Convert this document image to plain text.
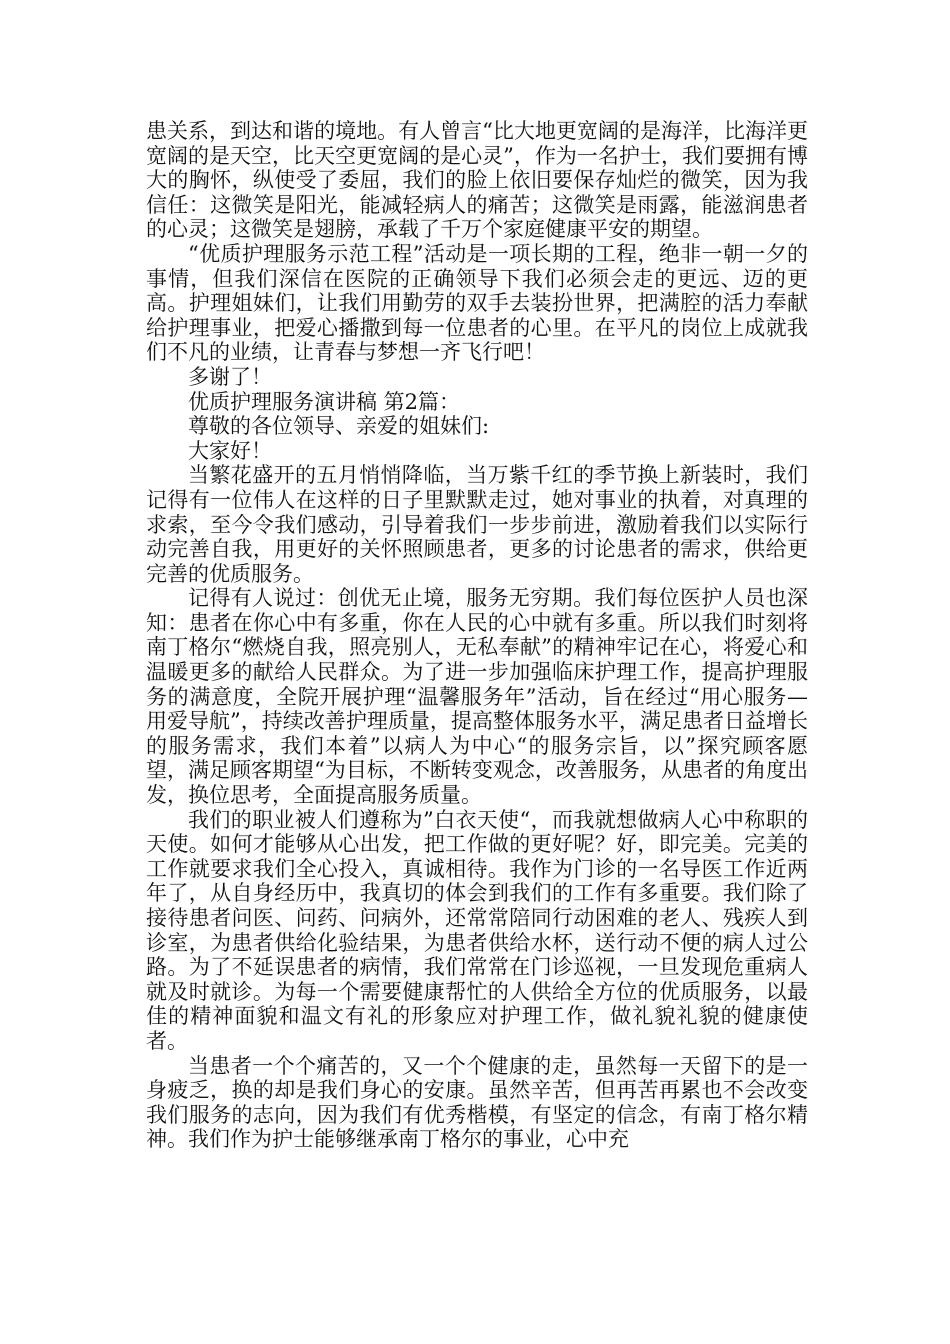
患关系，到达和谐的境地。有人曾言“比大地更宽阔的是海洋，比海洋更宽阔的是天空，比天空更宽阔的是心灵”，作为一名护士，我们要拥有博大的胸怀，纵使受了委屈，我们的脸上依旧要保存灿烂的微笑，因为我信任：这微笑是阳光，能减轻病人的痛苦；这微笑是雨露，能滋润患者的心灵；这微笑是翅膀，承载了千万个家庭健康平安的期望。

“优质护理服务示范工程”活动是一项长期的工程，绝非一朝一夕的事情，但我们深信在医院的正确领导下我们必须会走的更远、迈的更高。护理姐妹们，让我们用勤劳的双手去装扮世界，把满腔的活力奉献给护理事业，把爱心播撒到每一位患者的心里。在平凡的岗位上成就我们不凡的业绩，让青春与梦想一齐飞行吧！

多谢了！

优质护理服务演讲稿 第2篇：

尊敬的各位领导、亲爱的姐妹们:

大家好！

当繁花盛开的五月悄悄降临，当万紫千红的季节换上新装时，我们记得有一位伟人在这样的日子里默默走过，她对事业的执着，对真理的求索，至今令我们感动，引导着我们一步步前进，激励着我们以实际行动完善自我，用更好的关怀照顾患者，更多的讨论患者的需求，供给更完善的优质服务。

记得有人说过：创优无止境，服务无穷期。我们每位医护人员也深知：患者在你心中有多重，你在人民的心中就有多重。所以我们时刻将南丁格尔“燃烧自我，照亮别人，无私奉献”的精神牢记在心，将爱心和温暖更多的献给人民群众。为了进一步加强临床护理工作，提高护理服务的满意度，全院开展护理“温馨服务年”活动，旨在经过“用心服务—用爱导航”，持续改善护理质量，提高整体服务水平，满足患者日益增长的服务需求，我们本着”以病人为中心“的服务宗旨，以”探究顾客愿望，满足顾客期望“为目标，不断转变观念，改善服务，从患者的角度出发，换位思考，全面提高服务质量。

我们的职业被人们遵称为”白衣天使“，而我就想做病人心中称职的天使。如何才能够从心出发，把工作做的更好呢？好，即完美。完美的工作就要求我们全心投入，真诚相待。我作为门诊的一名导医工作近两年了，从自身经历中，我真切的体会到我们的工作有多重要。我们除了接待患者问医、问药、问病外，还常常陪同行动困难的老人、残疾人到诊室，为患者供给化验结果，为患者供给水杯，送行动不便的病人过公路。为了不延误患者的病情，我们常常在门诊巡视，一旦发现危重病人就及时就诊。为每一个需要健康帮忙的人供给全方位的优质服务，以最佳的精神面貌和温文有礼的形象应对护理工作，做礼貌礼貌的健康使者。

当患者一个个痛苦的，又一个个健康的走，虽然每一天留下的是一身疲乏，换的却是我们身心的安康。虽然辛苦，但再苦再累也不会改变我们服务的志向，因为我们有优秀楷模，有坚定的信念，有南丁格尔精神。我们作为护士能够继承南丁格尔的事业，心中充
